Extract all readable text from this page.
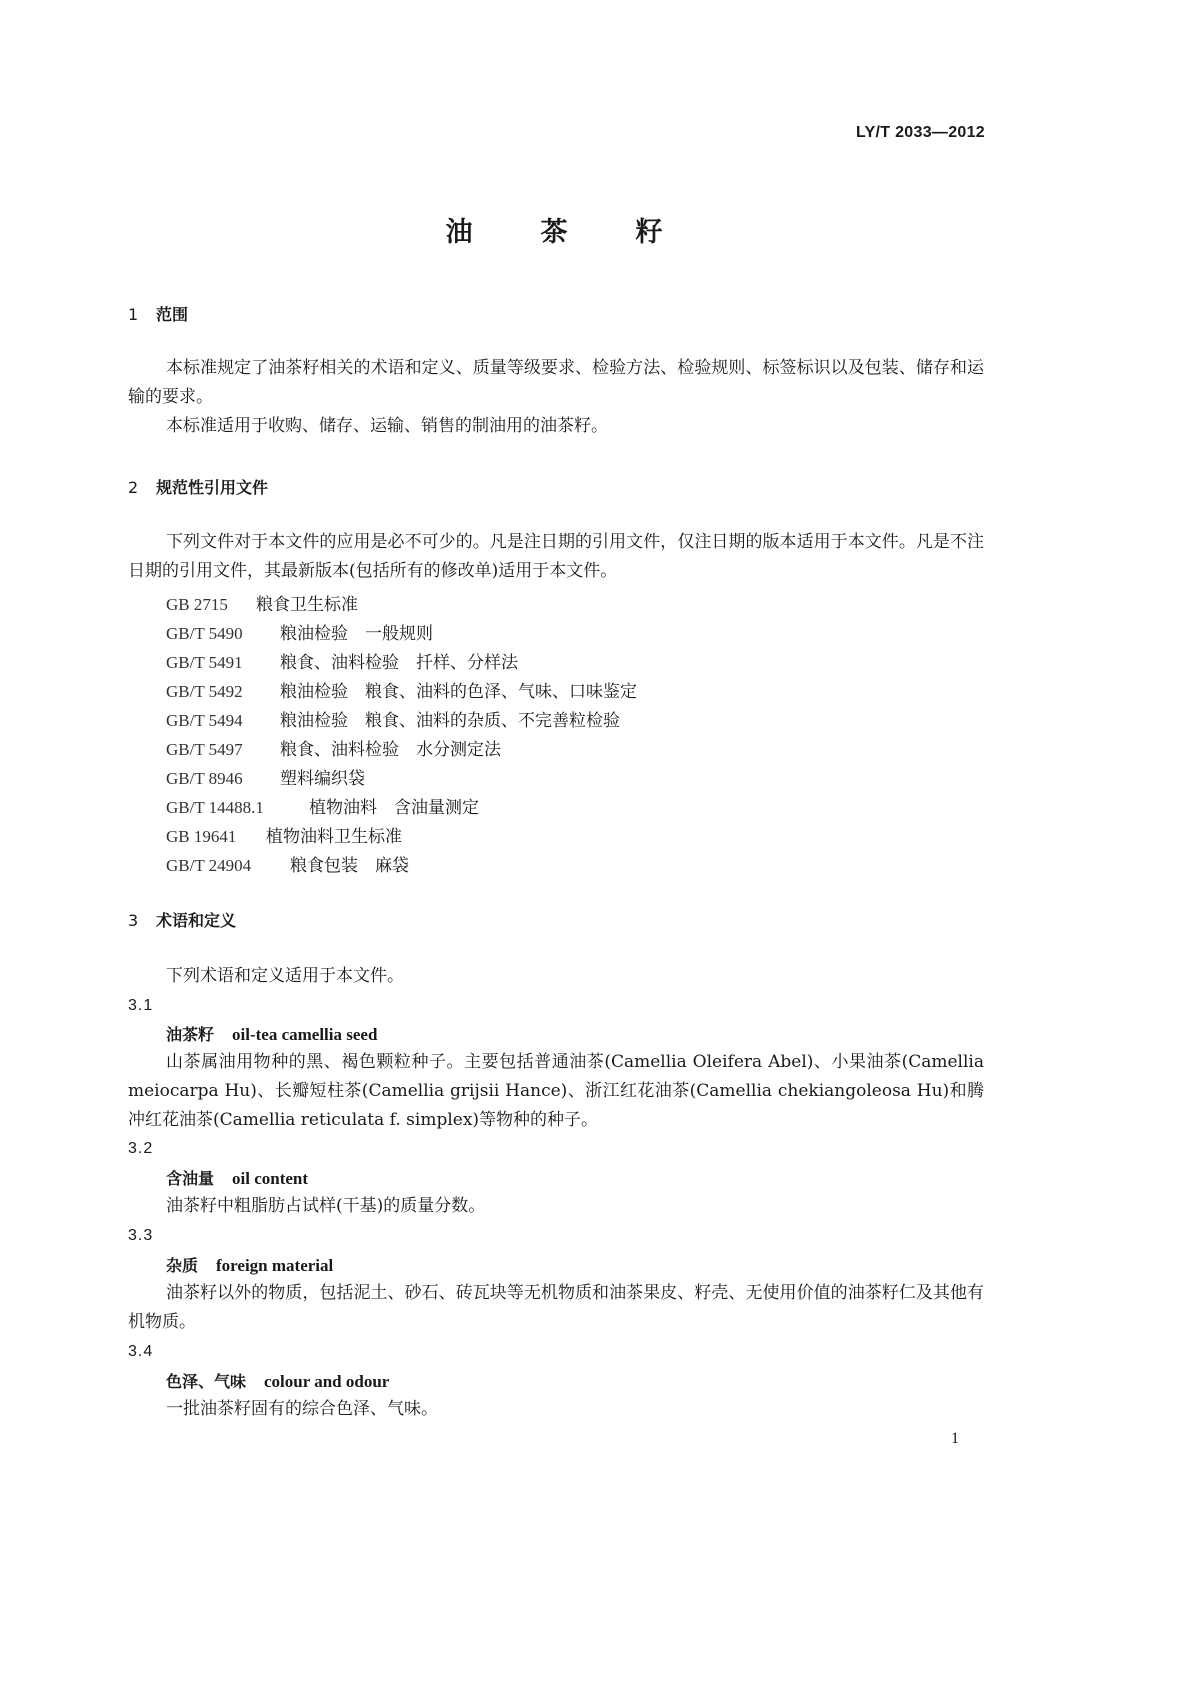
LY/T 2033—2012
油 茶 籽
1 范围
本标准规定了油茶籽相关的术语和定义、质量等级要求、检验方法、检验规则、标签标识以及包装、储存和运输的要求。
本标准适用于收购、储存、运输、销售的制油用的油茶籽。
2 规范性引用文件
下列文件对于本文件的应用是必不可少的。凡是注日期的引用文件，仅注日期的版本适用于本文件。凡是不注日期的引用文件，其最新版本(包括所有的修改单)适用于本文件。
GB 2715 粮食卫生标准
GB/T 5490 粮油检验　一般规则
GB/T 5491 粮食、油料检验　扦样、分样法
GB/T 5492 粮油检验　粮食、油料的色泽、气味、口味鉴定
GB/T 5494 粮油检验　粮食、油料的杂质、不完善粒检验
GB/T 5497 粮食、油料检验　水分测定法
GB/T 8946 塑料编织袋
GB/T 14488.1	植物油料　含油量测定
GB 19641 植物油料卫生标准
GB/T 24904 粮食包装　麻袋
3 术语和定义
下列术语和定义适用于本文件。
3.1
油茶籽 oil-tea camellia seed
山茶属油用物种的黑、褐色颗粒种子。主要包括普通油茶(Camellia Oleifera Abel)、小果油茶(Camellia meiocarpa Hu)、长瓣短柱茶(Camellia grijsii Hance)、浙江红花油茶(Camellia chekiangoleosa Hu)和腾冲红花油茶(Camellia reticulata f. simplex)等物种的种子。
3.2
含油量 oil content
油茶籽中粗脂肪占试样(干基)的质量分数。
3.3
杂质 foreign material
油茶籽以外的物质，包括泥土、砂石、砖瓦块等无机物质和油茶果皮、籽壳、无使用价值的油茶籽仁及其他有机物质。
3.4
色泽、气味 colour and odour
一批油茶籽固有的综合色泽、气味。
1
